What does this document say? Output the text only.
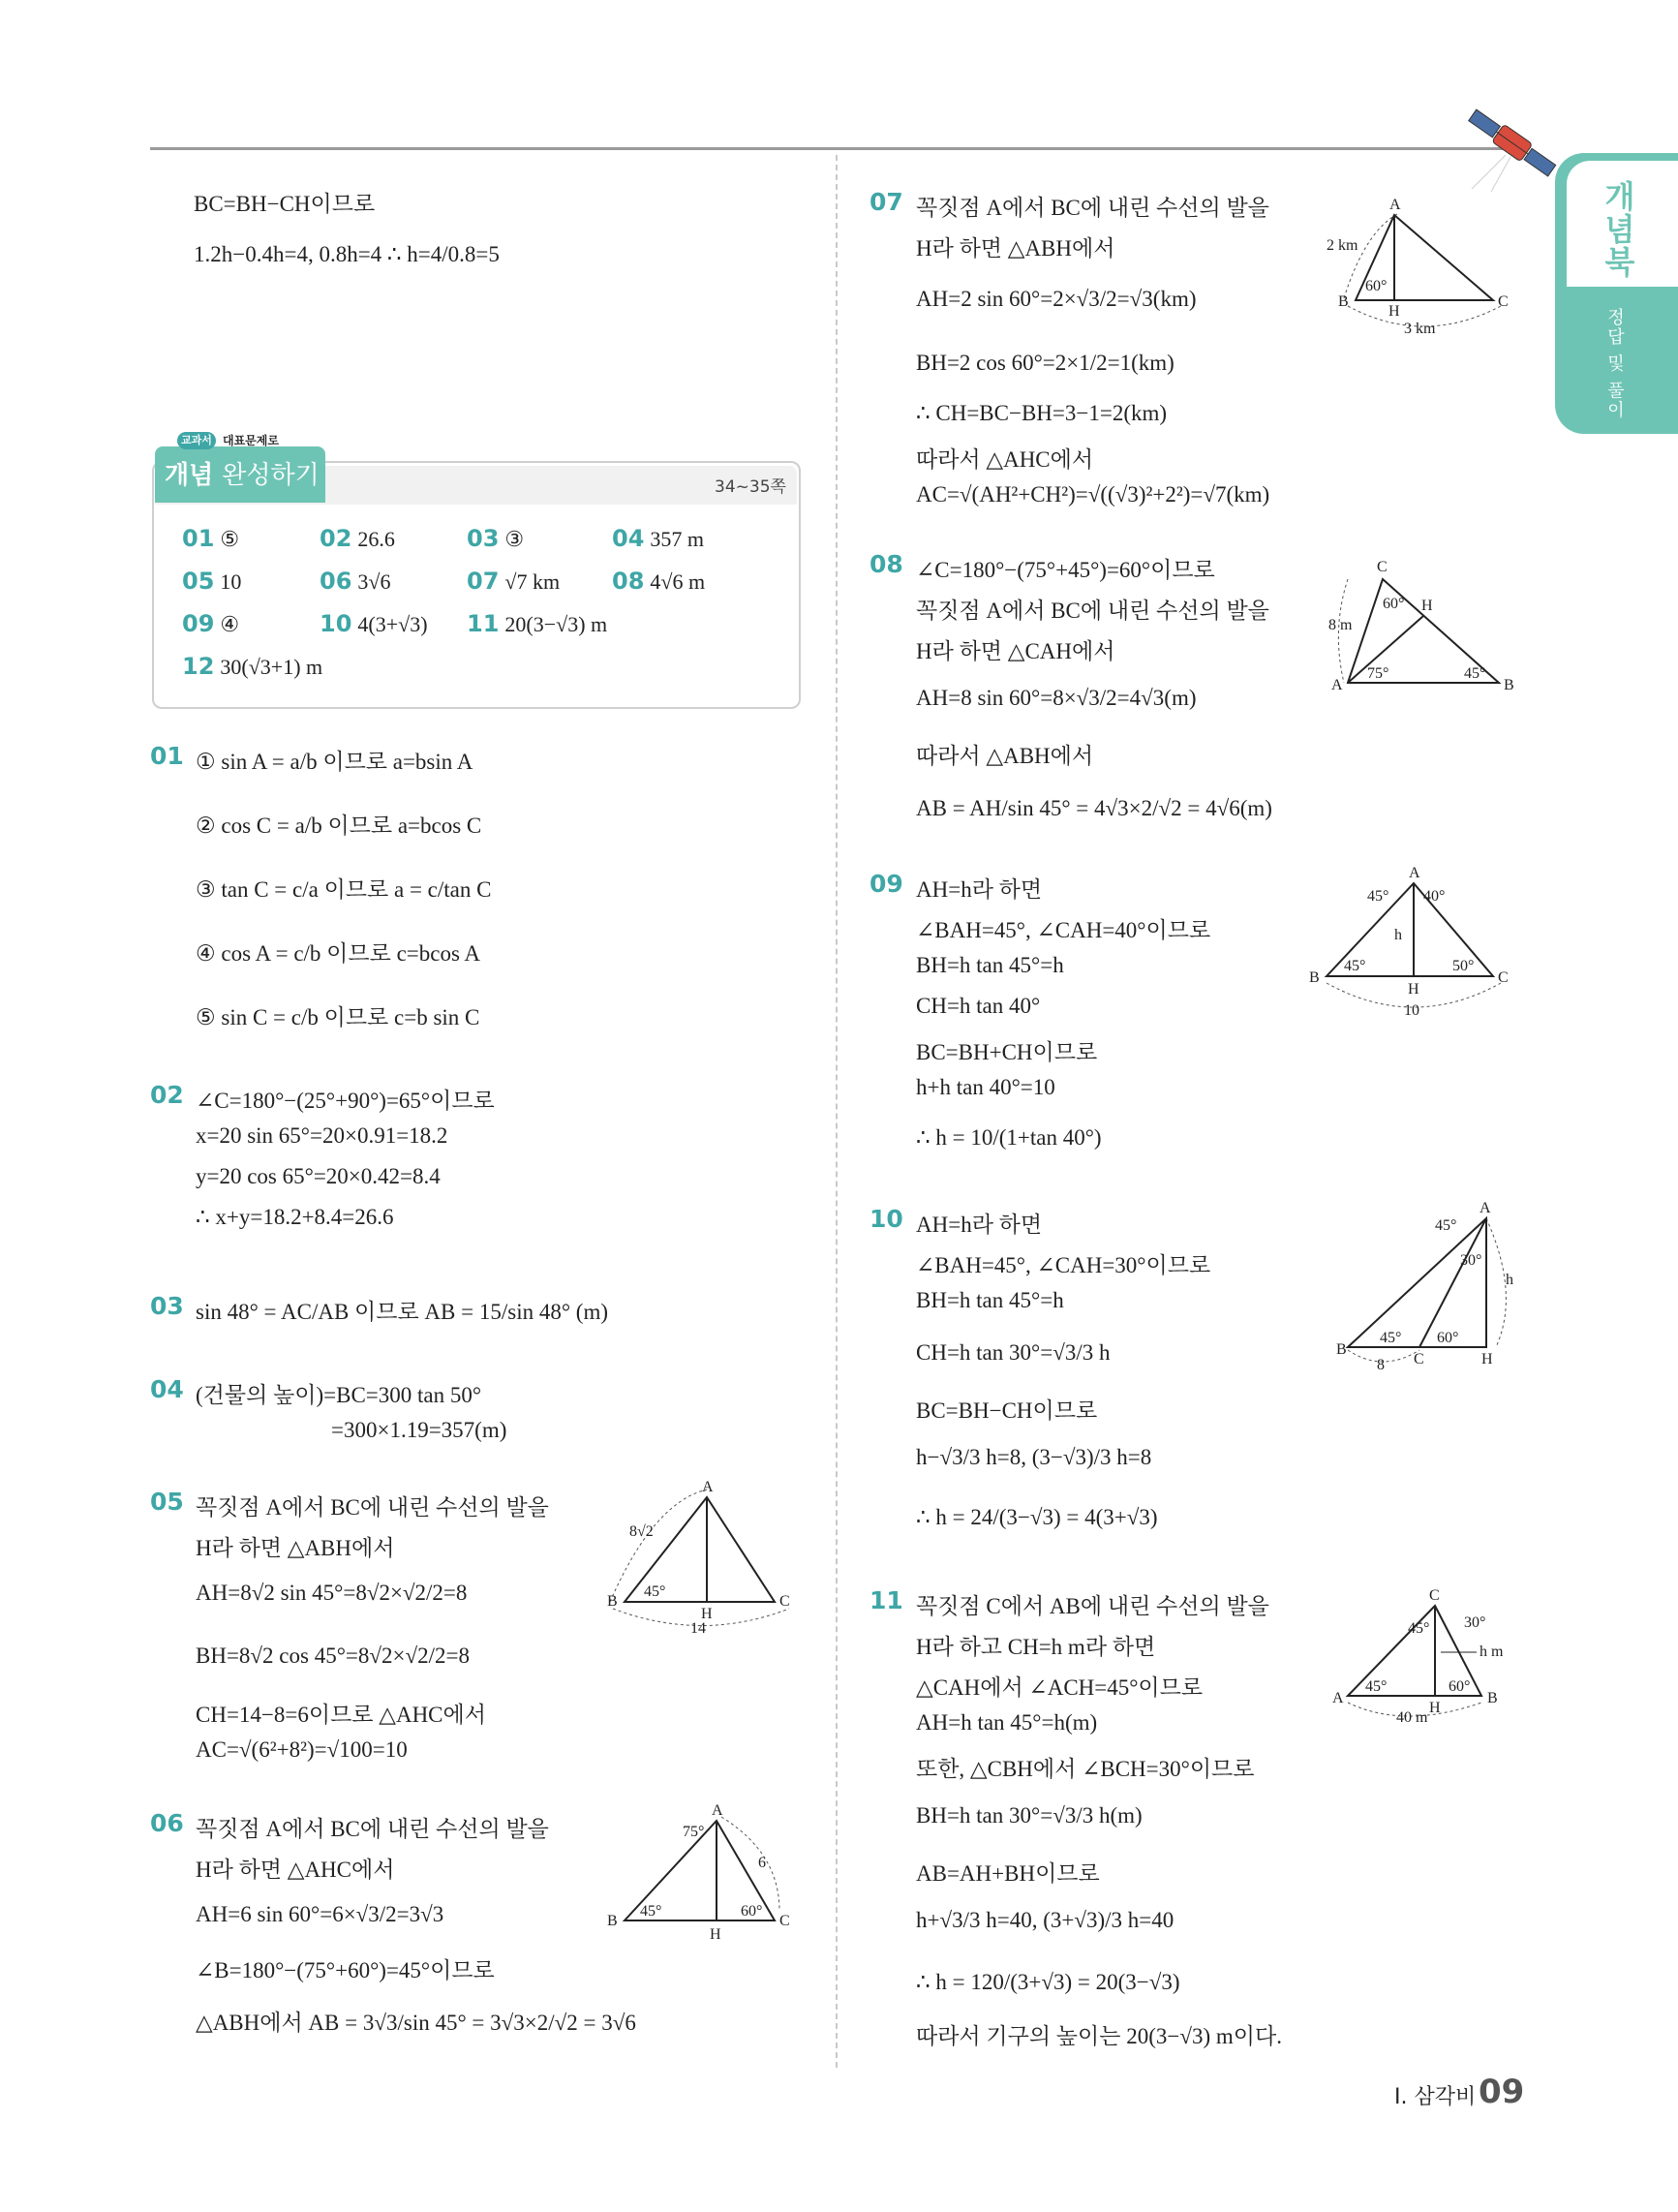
개념북
정답 및 풀이
BC=BH−CH이므로
1.2h−0.4h=4, 0.8h=4 ∴ h=4/0.8=5
교과서 대표문제로
개념 완성하기	34~35쪽
01 ⑤	02 26.6	03 ③	04 357 m
05 10	06 3√6	07 √7 km 08 4√6 m
09 ④	10 4(3+√3) 11 20(3−√3) m
12 30(√3+1) m
01 ① sin A = a/b 이므로 a=bsin A
② cos C = a/b 이므로 a=bcos C
③ tan C = c/a 이므로 a = c/tan C
④ cos A = c/b 이므로 c=bcos A
⑤ sin C = c/b 이므로 c=b sin C
02 ∠C=180°−(25°+90°)=65°이므로
x=20 sin 65°=20×0.91=18.2
y=20 cos 65°=20×0.42=8.4
∴ x+y=18.2+8.4=26.6
03 sin 48° = AC/AB 이므로 AB = 15/sin 48° (m)
04 (건물의 높이)=BC=300 tan 50°
=300×1.19=357(m)
05 꼭짓점 A에서 BC에 내린 수선의 발을
H라 하면 △ABH에서
AH=8√2 sin 45°=8√2×√2/2=8
BH=8√2 cos 45°=8√2×√2/2=8
CH=14−8=6이므로 △AHC에서
AC=√(6²+8²)=√100=10
06 꼭짓점 A에서 BC에 내린 수선의 발을
H라 하면 △AHC에서
AH=6 sin 60°=6×√3/2=3√3
∠B=180°−(75°+60°)=45°이므로
△ABH에서 AB = 3√3/sin 45° = 3√3×2/√2 = 3√6
A
B	C
H
8√2
45°
14
A
B	C
H
6
75°
45°	60°
07 꼭짓점 A에서 BC에 내린 수선의 발을
H라 하면 △ABH에서
AH=2 sin 60°=2×√3/2=√3(km)
BH=2 cos 60°=2×1/2=1(km)
∴ CH=BC−BH=3−1=2(km)
따라서 △AHC에서
AC=√(AH²+CH²)=√((√3)²+2²)=√7(km)
08 ∠C=180°−(75°+45°)=60°이므로
꼭짓점 A에서 BC에 내린 수선의 발을
H라 하면 △CAH에서
AH=8 sin 60°=8×√3/2=4√3(m)
따라서 △ABH에서
AB = AH/sin 45° = 4√3×2/√2 = 4√6(m)
09 AH=h라 하면
∠BAH=45°, ∠CAH=40°이므로
BH=h tan 45°=h
CH=h tan 40°
BC=BH+CH이므로
h+h tan 40°=10
∴ h = 10/(1+tan 40°)
10 AH=h라 하면
∠BAH=45°, ∠CAH=30°이므로
BH=h tan 45°=h
CH=h tan 30°=√3/3 h
BC=BH−CH이므로
h−√3/3 h=8, (3−√3)/3 h=8
∴ h = 24/(3−√3) = 4(3+√3)
11 꼭짓점 C에서 AB에 내린 수선의 발을
H라 하고 CH=h m라 하면
△CAH에서 ∠ACH=45°이므로
AH=h tan 45°=h(m)
또한, △CBH에서 ∠BCH=30°이므로
BH=h tan 30°=√3/3 h(m)
AB=AH+BH이므로
h+√3/3 h=40, (3+√3)/3 h=40
∴ h = 120/(3+√3) = 20(3−√3)
따라서 기구의 높이는 20(3−√3) m이다.
A
B	C
H
2 km
60°
3 km
C
A	B
H
8 m
60°
75°	45°
A
B	C
H
h
45° 40°
45°	50°
10
A
B
C	H
h
45°
30°
45° 60°
8
C
A	B
H
h m
45° 30°
45°	60°
40 m
Ⅰ. 삼각비 09
